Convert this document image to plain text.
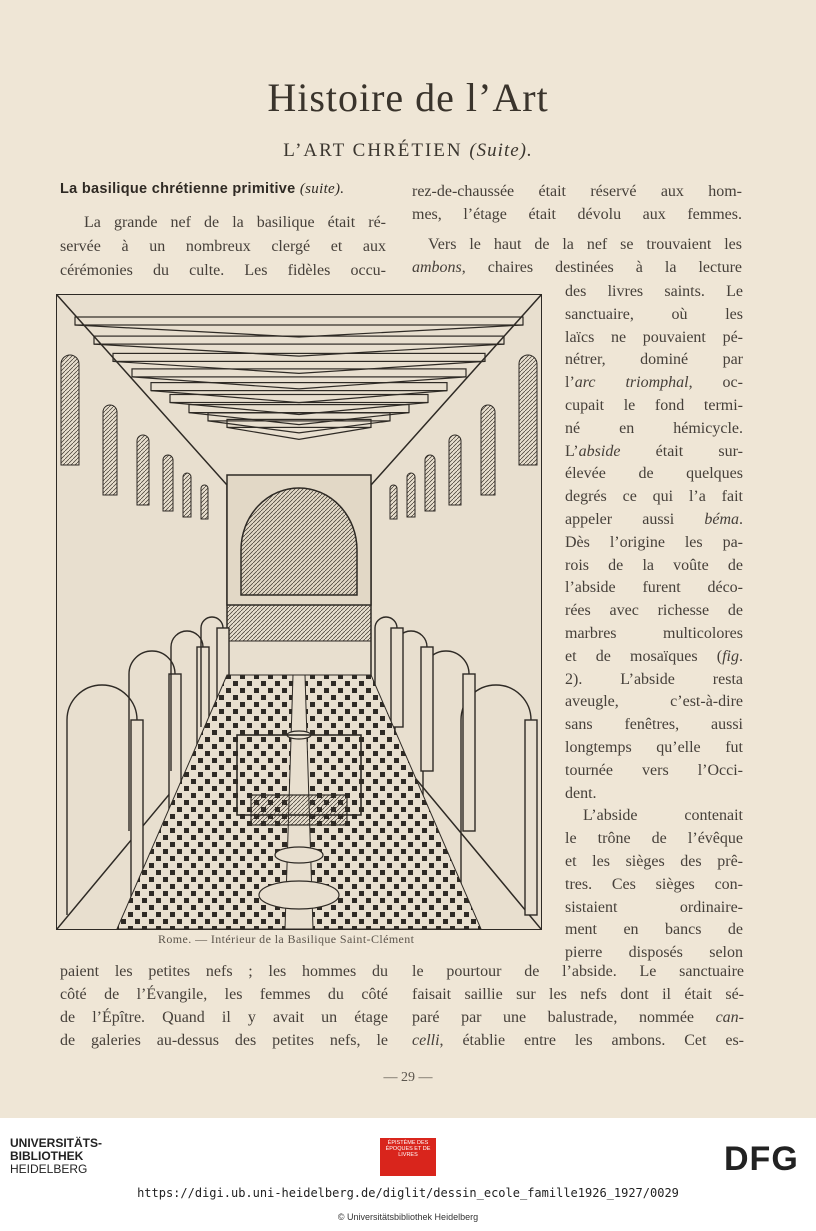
Histoire de l’Art
L’ART CHRÉTIEN (Suite).
La basilique chrétienne primitive (suite).
Rome. — Intérieur de la Basilique Saint-Clément
— 29 —
La grande nef de la basilique était ré-
servée à un nombreux clergé et aux
cérémonies du culte. Les fidèles occu-
rez-de-chaussée était réservé aux hom-
mes, l’étage était dévolu aux femmes.
Vers le haut de la nef se trouvaient les
ambons, chaires destinées à la lecture
des livres saints. Le
sanctuaire, où les
laïcs ne pouvaient pé-
nétrer, dominé par
l’arc triomphal, oc-
cupait le fond termi-
né en hémicycle.
L’abside était sur-
élevée de quelques
degrés ce qui l’a fait
appeler aussi béma.
Dès l’origine les pa-
rois de la voûte de
l’abside furent déco-
rées avec richesse de
marbres multicolores
et de mosaïques (fig.
2). L’abside resta
aveugle, c’est-à-dire
sans fenêtres, aussi
longtemps qu’elle fut
tournée vers l’Occi-
dent.
L’abside contenait
le trône de l’évêque
et les sièges des prê-
tres. Ces sièges con-
sistaient ordinaire-
ment en bancs de
pierre disposés selon
le pourtour de l’abside. Le sanctuaire
faisait saillie sur les nefs dont il était sé-
paré par une balustrade, nommée can-
celli, établie entre les ambons. Cet es-
paient les petites nefs ; les hommes du
côté de l’Évangile, les femmes du côté
de l’Épître. Quand il y avait un étage
de galeries au-dessus des petites nefs, le
UNIVERSITÄTS-
BIBLIOTHEK
HEIDELBERG
ÉPISTÈME DES ÉPOQUES ET DE LIVRES	DFG
https://digi.ub.uni-heidelberg.de/diglit/dessin_ecole_famille1926_1927/0029
© Universitätsbibliothek Heidelberg
